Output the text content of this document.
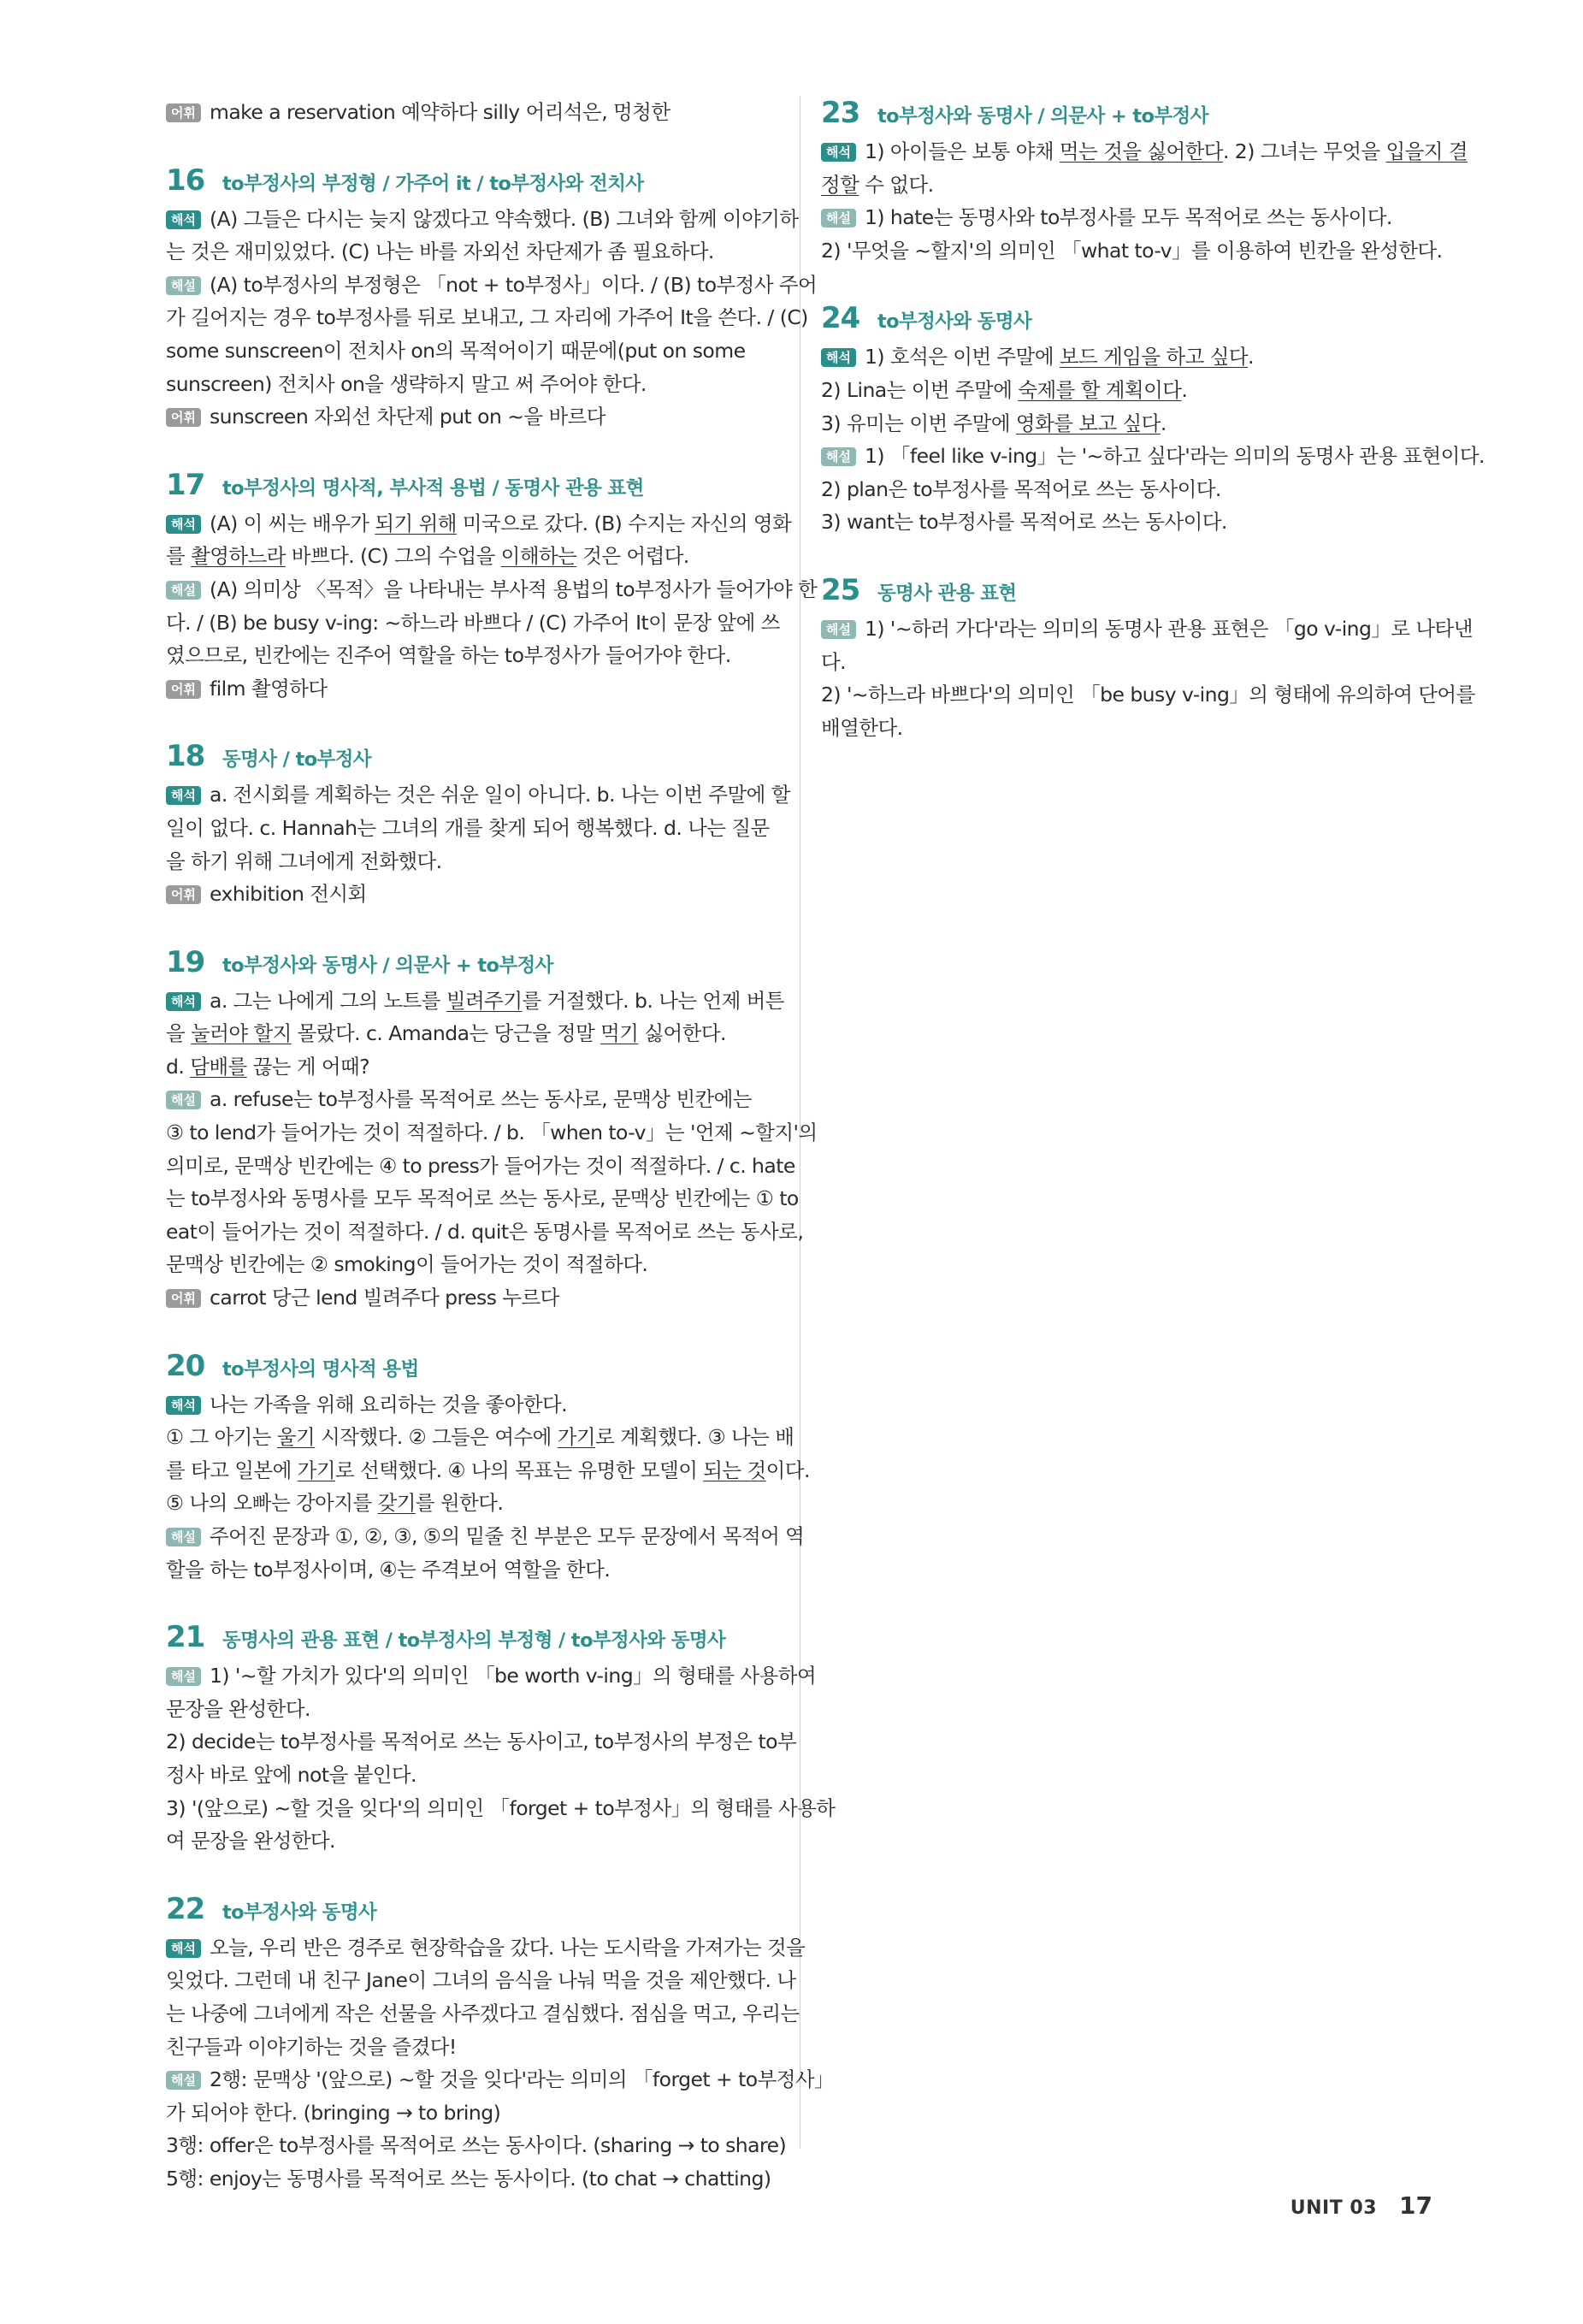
어휘 make a reservation 예약하다 silly 어리석은, 멍청한
16 to부정사의 부정형 / 가주어 it / to부정사와 전치사
해석 (A) 그들은 다시는 늦지 않겠다고 약속했다. (B) 그녀와 함께 이야기하
는 것은 재미있었다. (C) 나는 바를 자외선 차단제가 좀 필요하다.
해설 (A) to부정사의 부정형은 「not + to부정사」이다. / (B) to부정사 주어
가 길어지는 경우 to부정사를 뒤로 보내고, 그 자리에 가주어 It을 쓴다. / (C)
some sunscreen이 전치사 on의 목적어이기 때문에(put on some
sunscreen) 전치사 on을 생략하지 말고 써 주어야 한다.
어휘 sunscreen 자외선 차단제 put on ~을 바르다
17 to부정사의 명사적, 부사적 용법 / 동명사 관용 표현
해석 (A) 이 씨는 배우가 되기 위해 미국으로 갔다. (B) 수지는 자신의 영화
를 촬영하느라 바쁘다. (C) 그의 수업을 이해하는 것은 어렵다.
해설 (A) 의미상 〈목적〉을 나타내는 부사적 용법의 to부정사가 들어가야 한
다. / (B) be busy v-ing: ~하느라 바쁘다 / (C) 가주어 It이 문장 앞에 쓰
였으므로, 빈칸에는 진주어 역할을 하는 to부정사가 들어가야 한다.
어휘 film 촬영하다
18 동명사 / to부정사
해석 a. 전시회를 계획하는 것은 쉬운 일이 아니다. b. 나는 이번 주말에 할
일이 없다. c. Hannah는 그녀의 개를 찾게 되어 행복했다. d. 나는 질문
을 하기 위해 그녀에게 전화했다.
어휘 exhibition 전시회
19 to부정사와 동명사 / 의문사 + to부정사
해석 a. 그는 나에게 그의 노트를 빌려주기를 거절했다. b. 나는 언제 버튼
을 눌러야 할지 몰랐다. c. Amanda는 당근을 정말 먹기 싫어한다.
d. 담배를 끊는 게 어때?
해설 a. refuse는 to부정사를 목적어로 쓰는 동사로, 문맥상 빈칸에는
③ to lend가 들어가는 것이 적절하다. / b. 「when to-v」는 '언제 ~할지'의
의미로, 문맥상 빈칸에는 ④ to press가 들어가는 것이 적절하다. / c. hate
는 to부정사와 동명사를 모두 목적어로 쓰는 동사로, 문맥상 빈칸에는 ① to
eat이 들어가는 것이 적절하다. / d. quit은 동명사를 목적어로 쓰는 동사로,
문맥상 빈칸에는 ② smoking이 들어가는 것이 적절하다.
어휘 carrot 당근 lend 빌려주다 press 누르다
20 to부정사의 명사적 용법
해석 나는 가족을 위해 요리하는 것을 좋아한다.
① 그 아기는 울기 시작했다. ② 그들은 여수에 가기로 계획했다. ③ 나는 배
를 타고 일본에 가기로 선택했다. ④ 나의 목표는 유명한 모델이 되는 것이다.
⑤ 나의 오빠는 강아지를 갖기를 원한다.
해설 주어진 문장과 ①, ②, ③, ⑤의 밑줄 친 부분은 모두 문장에서 목적어 역
할을 하는 to부정사이며, ④는 주격보어 역할을 한다.
21 동명사의 관용 표현 / to부정사의 부정형 / to부정사와 동명사
해설 1) '~할 가치가 있다'의 의미인 「be worth v-ing」의 형태를 사용하여
문장을 완성한다.
2) decide는 to부정사를 목적어로 쓰는 동사이고, to부정사의 부정은 to부
정사 바로 앞에 not을 붙인다.
3) '(앞으로) ~할 것을 잊다'의 의미인 「forget + to부정사」의 형태를 사용하
여 문장을 완성한다.
22 to부정사와 동명사
해석 오늘, 우리 반은 경주로 현장학습을 갔다. 나는 도시락을 가져가는 것을
잊었다. 그런데 내 친구 Jane이 그녀의 음식을 나눠 먹을 것을 제안했다. 나
는 나중에 그녀에게 작은 선물을 사주겠다고 결심했다. 점심을 먹고, 우리는
친구들과 이야기하는 것을 즐겼다!
해설 2행: 문맥상 '(앞으로) ~할 것을 잊다'라는 의미의 「forget + to부정사」
가 되어야 한다. (bringing → to bring)
3행: offer은 to부정사를 목적어로 쓰는 동사이다. (sharing → to share)
5행: enjoy는 동명사를 목적어로 쓰는 동사이다. (to chat → chatting)
23 to부정사와 동명사 / 의문사 + to부정사
해석 1) 아이들은 보통 야채 먹는 것을 싫어한다. 2) 그녀는 무엇을 입을지 결
정할 수 없다.
해설 1) hate는 동명사와 to부정사를 모두 목적어로 쓰는 동사이다.
2) '무엇을 ~할지'의 의미인 「what to-v」를 이용하여 빈칸을 완성한다.
24 to부정사와 동명사
해석 1) 호석은 이번 주말에 보드 게임을 하고 싶다.
2) Lina는 이번 주말에 숙제를 할 계획이다.
3) 유미는 이번 주말에 영화를 보고 싶다.
해설 1) 「feel like v-ing」는 '~하고 싶다'라는 의미의 동명사 관용 표현이다.
2) plan은 to부정사를 목적어로 쓰는 동사이다.
3) want는 to부정사를 목적어로 쓰는 동사이다.
25 동명사 관용 표현
해설 1) '~하러 가다'라는 의미의 동명사 관용 표현은 「go v-ing」로 나타낸
다.
2) '~하느라 바쁘다'의 의미인 「be busy v-ing」의 형태에 유의하여 단어를
배열한다.
UNIT 03 17
